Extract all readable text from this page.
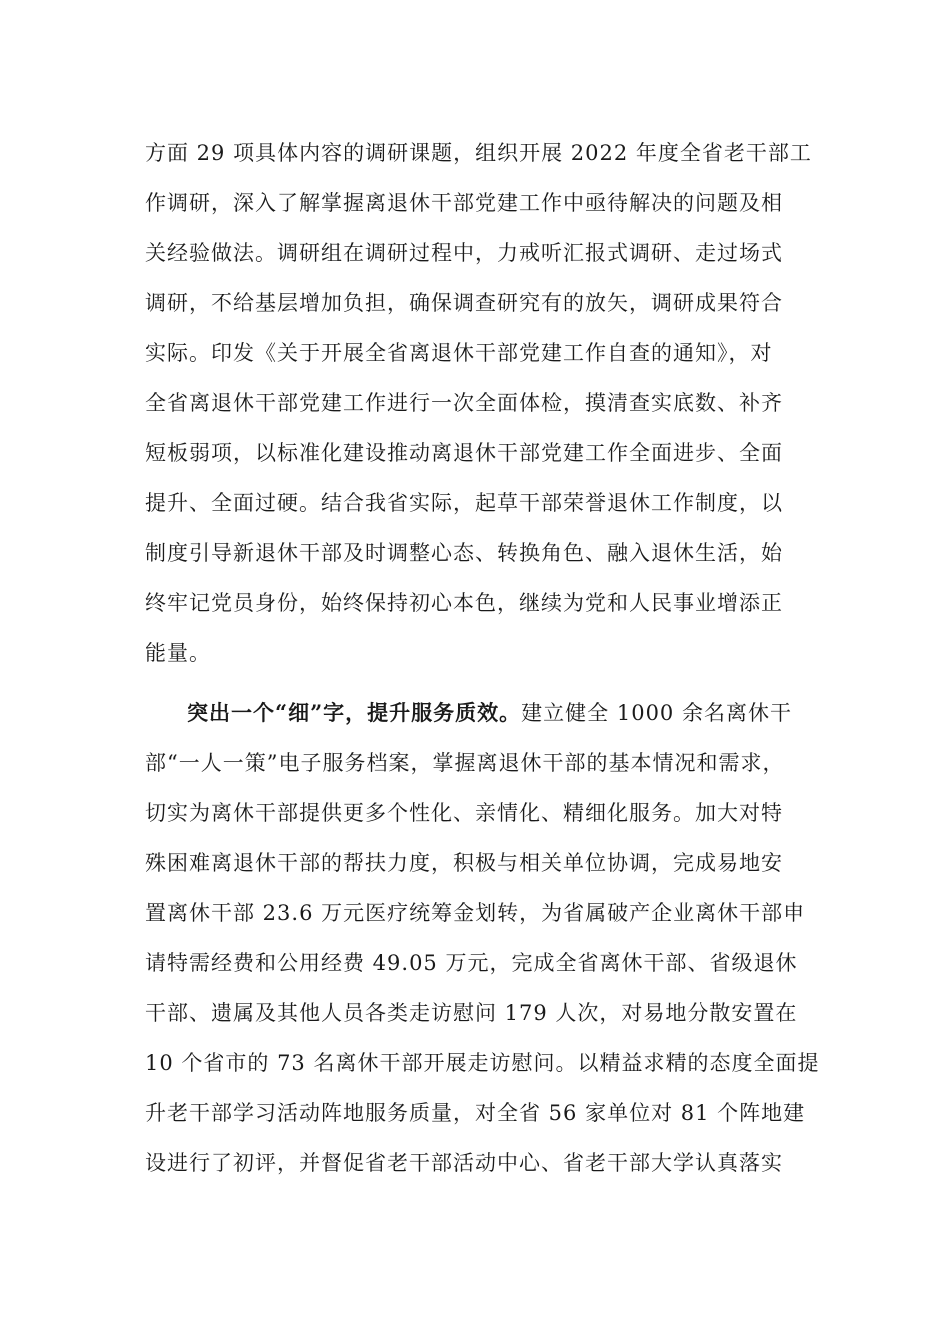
方面 29 项具体内容的调研课题，组织开展 2022 年度全省老干部工
作调研，深入了解掌握离退休干部党建工作中亟待解决的问题及相
关经验做法。调研组在调研过程中，力戒听汇报式调研、走过场式
调研，不给基层增加负担，确保调查研究有的放矢，调研成果符合
实际。印发《关于开展全省离退休干部党建工作自查的通知》，对
全省离退休干部党建工作进行一次全面体检，摸清查实底数、补齐
短板弱项，以标准化建设推动离退休干部党建工作全面进步、全面
提升、全面过硬。结合我省实际，起草干部荣誉退休工作制度，以
制度引导新退休干部及时调整心态、转换角色、融入退休生活，始
终牢记党员身份，始终保持初心本色，继续为党和人民事业增添正
能量。
突出一个“细”字，提升服务质效。建立健全 1000 余名离休干
部“一人一策”电子服务档案，掌握离退休干部的基本情况和需求，
切实为离休干部提供更多个性化、亲情化、精细化服务。加大对特
殊困难离退休干部的帮扶力度，积极与相关单位协调，完成易地安
置离休干部 23.6 万元医疗统筹金划转，为省属破产企业离休干部申
请特需经费和公用经费 49.05 万元，完成全省离休干部、省级退休
干部、遗属及其他人员各类走访慰问 179 人次，对易地分散安置在
10 个省市的 73 名离休干部开展走访慰问。以精益求精的态度全面提
升老干部学习活动阵地服务质量，对全省 56 家单位对 81 个阵地建
设进行了初评，并督促省老干部活动中心、省老干部大学认真落实
